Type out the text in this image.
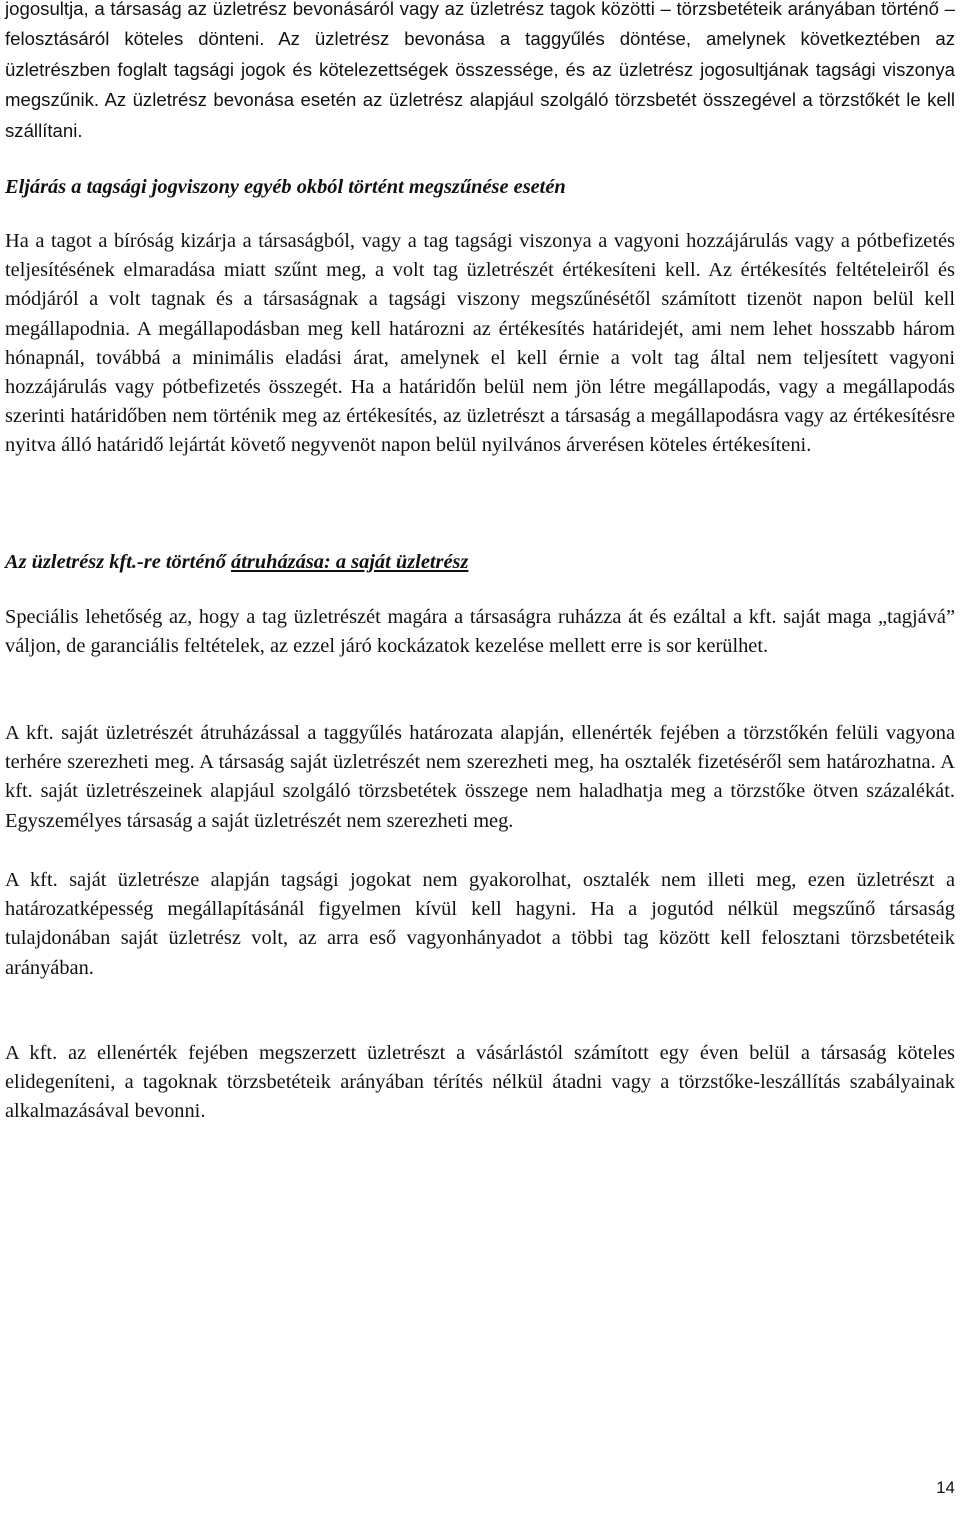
jogosultja, a társaság az üzletrész bevonásáról vagy az üzletrész tagok közötti – törzsbetéteik arányában történő – felosztásáról köteles dönteni. Az üzletrész bevonása a taggyűlés döntése, amelynek következtében az üzletrészben foglalt tagsági jogok és kötelezettségek összessége, és az üzletrész jogosultjának tagsági viszonya megszűnik. Az üzletrész bevonása esetén az üzletrész alapjául szolgáló törzsbetét összegével a törzstőkét le kell szállítani.

Eljárás a tagsági jogviszony egyéb okból történt megszűnése esetén

Ha a tagot a bíróság kizárja a társaságból, vagy a tag tagsági viszonya a vagyoni hozzájárulás vagy a pótbefizetés teljesítésének elmaradása miatt szűnt meg, a volt tag üzletrészét értékesíteni kell. Az értékesítés feltételeiről és módjáról a volt tagnak és a társaságnak a tagsági viszony megszűnésétől számított tizenöt napon belül kell megállapodnia. A megállapodásban meg kell határozni az értékesítés határidejét, ami nem lehet hosszabb három hónapnál, továbbá a minimális eladási árat, amelynek el kell érnie a volt tag által nem teljesített vagyoni hozzájárulás vagy pótbefizetés összegét. Ha a határidőn belül nem jön létre megállapodás, vagy a megállapodás szerinti határidőben nem történik meg az értékesítés, az üzletrészt a társaság a megállapodásra vagy az értékesítésre nyitva álló határidő lejártát követő negyvenöt napon belül nyilvános árverésen köteles értékesíteni.

Az üzletrész kft.-re történő átruházása: a saját üzletrész

Speciális lehetőség az, hogy a tag üzletrészét magára a társaságra ruházza át és ezáltal a kft. saját maga „tagjává” váljon, de garanciális feltételek, az ezzel járó kockázatok kezelése mellett erre is sor kerülhet.

A kft. saját üzletrészét átruházással a taggyűlés határozata alapján, ellenérték fejében a törzstőkén felüli vagyona terhére szerezheti meg. A társaság saját üzletrészét nem szerezheti meg, ha osztalék fizetéséről sem határozhatna. A kft. saját üzletrészeinek alapjául szolgáló törzsbetétek összege nem haladhatja meg a törzstőke ötven százalékát. Egyszemélyes társaság a saját üzletrészét nem szerezheti meg.

A kft. saját üzletrésze alapján tagsági jogokat nem gyakorolhat, osztalék nem illeti meg, ezen üzletrészt a határozatképesség megállapításánál figyelmen kívül kell hagyni. Ha a jogutód nélkül megszűnő társaság tulajdonában saját üzletrész volt, az arra eső vagyonhányadot a többi tag között kell felosztani törzsbetéteik arányában.

A kft. az ellenérték fejében megszerzett üzletrészt a vásárlástól számított egy éven belül a társaság köteles elidegeníteni, a tagoknak törzsbetéteik arányában térítés nélkül átadni vagy a törzstőke-leszállítás szabályainak alkalmazásával bevonni.

14
